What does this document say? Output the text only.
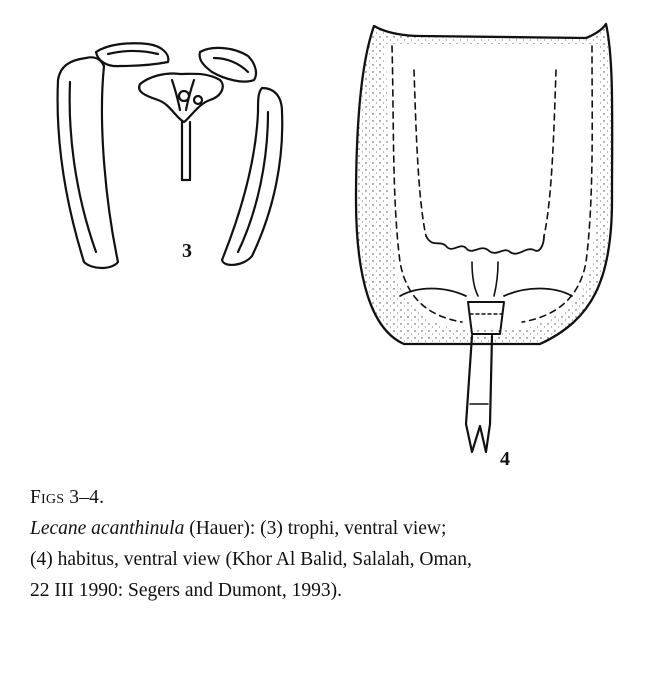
3
4
Figs 3–4.
Lecane acanthinula (Hauer): (3) trophi, ventral view;
(4) habitus, ventral view (Khor Al Balid, Salalah, Oman,
22 III 1990: Segers and Dumont, 1993).
